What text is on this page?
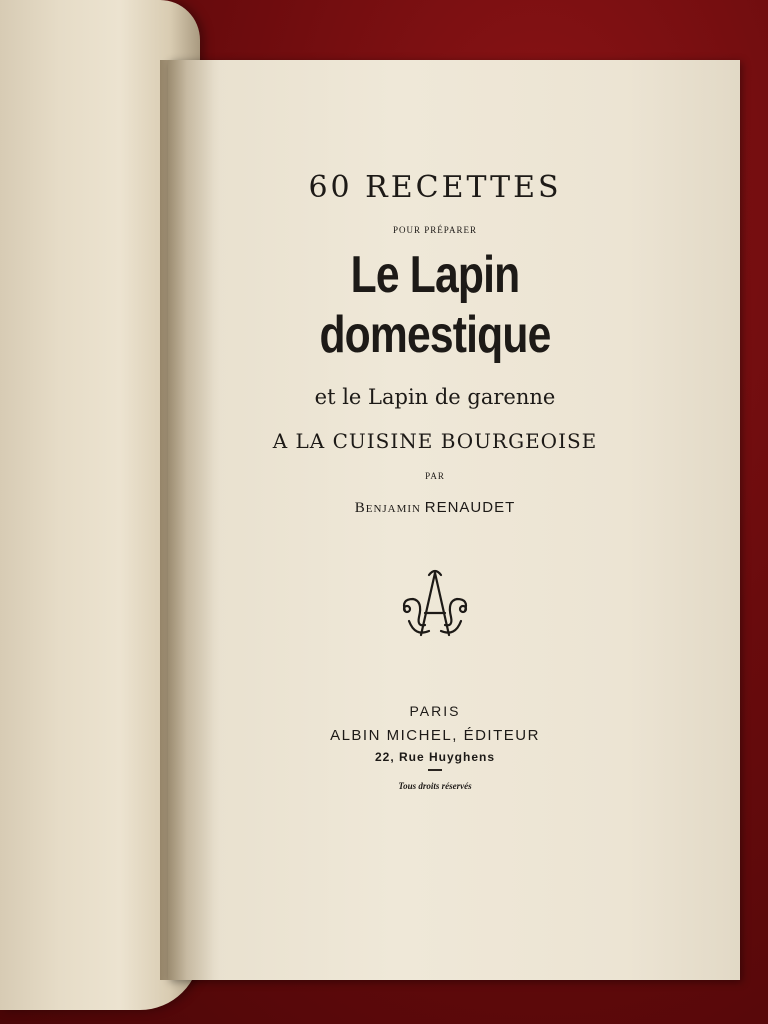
60 RECETTES
POUR PRÉPARER
Le Lapin domestique
et le Lapin de garenne
A LA CUISINE BOURGEOISE
PAR
Benjamin RENAUDET
PARIS
ALBIN MICHEL, ÉDITEUR
22, Rue Huyghens
Tous droits réservés
